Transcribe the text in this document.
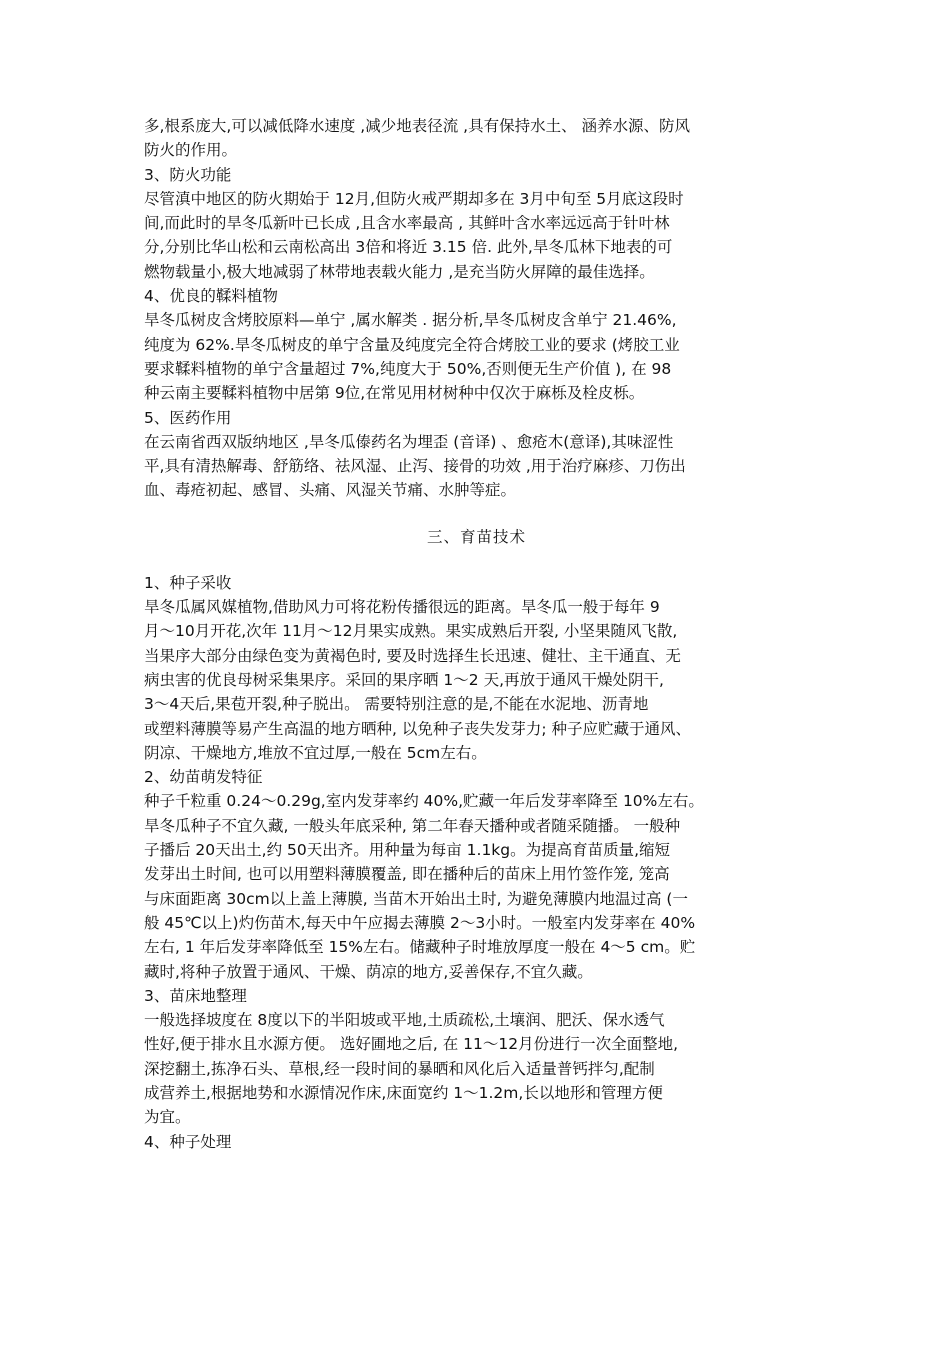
多,根系庞大,可以减低降水速度 ,减少地表径流 ,具有保持水土、 涵养水源、防风
防火的作用。
3、防火功能
尽管滇中地区的防火期始于 12月,但防火戒严期却多在 3月中旬至 5月底这段时
间,而此时的旱冬瓜新叶已长成 ,且含水率最高 , 其鲜叶含水率远远高于针叶林
分,分别比华山松和云南松高出 3倍和将近 3.15 倍. 此外,旱冬瓜林下地表的可
燃物载量小,极大地减弱了林带地表载火能力 ,是充当防火屏障的最佳选择。
4、优良的鞣料植物
旱冬瓜树皮含烤胶原料—单宁 ,属水解类 . 据分析,旱冬瓜树皮含单宁 21.46%,
纯度为 62%.旱冬瓜树皮的单宁含量及纯度完全符合烤胶工业的要求 (烤胶工业
要求鞣料植物的单宁含量超过 7%,纯度大于 50%,否则便无生产价值 ), 在 98
种云南主要鞣料植物中居第 9位,在常见用材树种中仅次于麻栎及栓皮栎。
5、医药作用
在云南省西双版纳地区 ,旱冬瓜傣药名为埋歪 (音译) 、愈疮木(意译),其味涩性
平,具有清热解毒、舒筋络、祛风湿、止泻、接骨的功效 ,用于治疗麻疹、刀伤出
血、毒疮初起、感冒、头痛、风湿关节痛、水肿等症。
三、育苗技术
1、种子采收
旱冬瓜属风媒植物,借助风力可将花粉传播很远的距离。旱冬瓜一般于每年 9
月～10月开花,次年 11月～12月果实成熟。果实成熟后开裂, 小坚果随风飞散,
当果序大部分由绿色变为黄褐色时, 要及时选择生长迅速、健壮、主干通直、无
病虫害的优良母树采集果序。采回的果序晒 1～2 天,再放于通风干燥处阴干,
3～4天后,果苞开裂,种子脱出。 需要特别注意的是,不能在水泥地、沥青地
或塑料薄膜等易产生高温的地方晒种, 以免种子丧失发芽力; 种子应贮藏于通风、
阴凉、干燥地方,堆放不宜过厚,一般在 5cm左右。
2、幼苗萌发特征
种子千粒重 0.24～0.29g,室内发芽率约 40%,贮藏一年后发芽率降至 10%左右。
旱冬瓜种子不宜久藏, 一般头年底采种, 第二年春天播种或者随采随播。 一般种
子播后 20天出土,约 50天出齐。用种量为每亩 1.1kg。为提高育苗质量,缩短
发芽出土时间, 也可以用塑料薄膜覆盖, 即在播种后的苗床上用竹签作笼, 笼高
与床面距离 30cm以上盖上薄膜, 当苗木开始出土时, 为避免薄膜内地温过高 (一
般 45℃以上)灼伤苗木,每天中午应揭去薄膜 2～3小时。一般室内发芽率在 40%
左右, 1 年后发芽率降低至 15%左右。储藏种子时堆放厚度一般在 4～5 cm。贮
藏时,将种子放置于通风、干燥、荫凉的地方,妥善保存,不宜久藏。
3、苗床地整理
一般选择坡度在 8度以下的半阳坡或平地,土质疏松,土壤润、肥沃、保水透气
性好,便于排水且水源方便。 选好圃地之后, 在 11～12月份进行一次全面整地,
深挖翻土,拣净石头、草根,经一段时间的暴晒和风化后入适量普钙拌匀,配制
成营养土,根据地势和水源情况作床,床面宽约 1～1.2m,长以地形和管理方便
为宜。
4、种子处理
